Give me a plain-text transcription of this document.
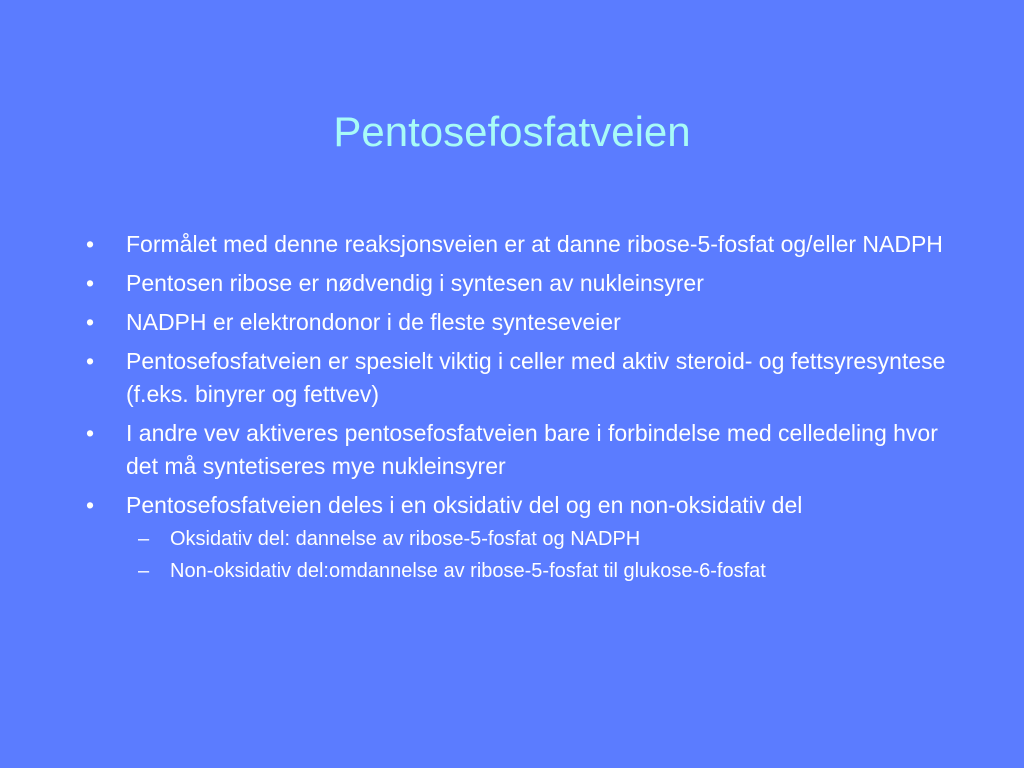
Pentosefosfatveien
•	Formålet med denne reaksjonsveien er at danne ribose-5-fosfat og/eller NADPH
•	Pentosen ribose er nødvendig i syntesen av nukleinsyrer
•	NADPH er elektrondonor i de fleste synteseveier
•	Pentosefosfatveien er spesielt viktig i celler med aktiv steroid- og fettsyresyntese (f.eks. binyrer og fettvev)
•	I andre vev aktiveres pentosefosfatveien bare i forbindelse med celledeling hvor det må syntetiseres mye nukleinsyrer
•	Pentosefosfatveien deles i en oksidativ del og en non-oksidativ del
– Oksidativ del: dannelse av ribose-5-fosfat og NADPH
– Non-oksidativ del:omdannelse av ribose-5-fosfat til glukose-6-fosfat
